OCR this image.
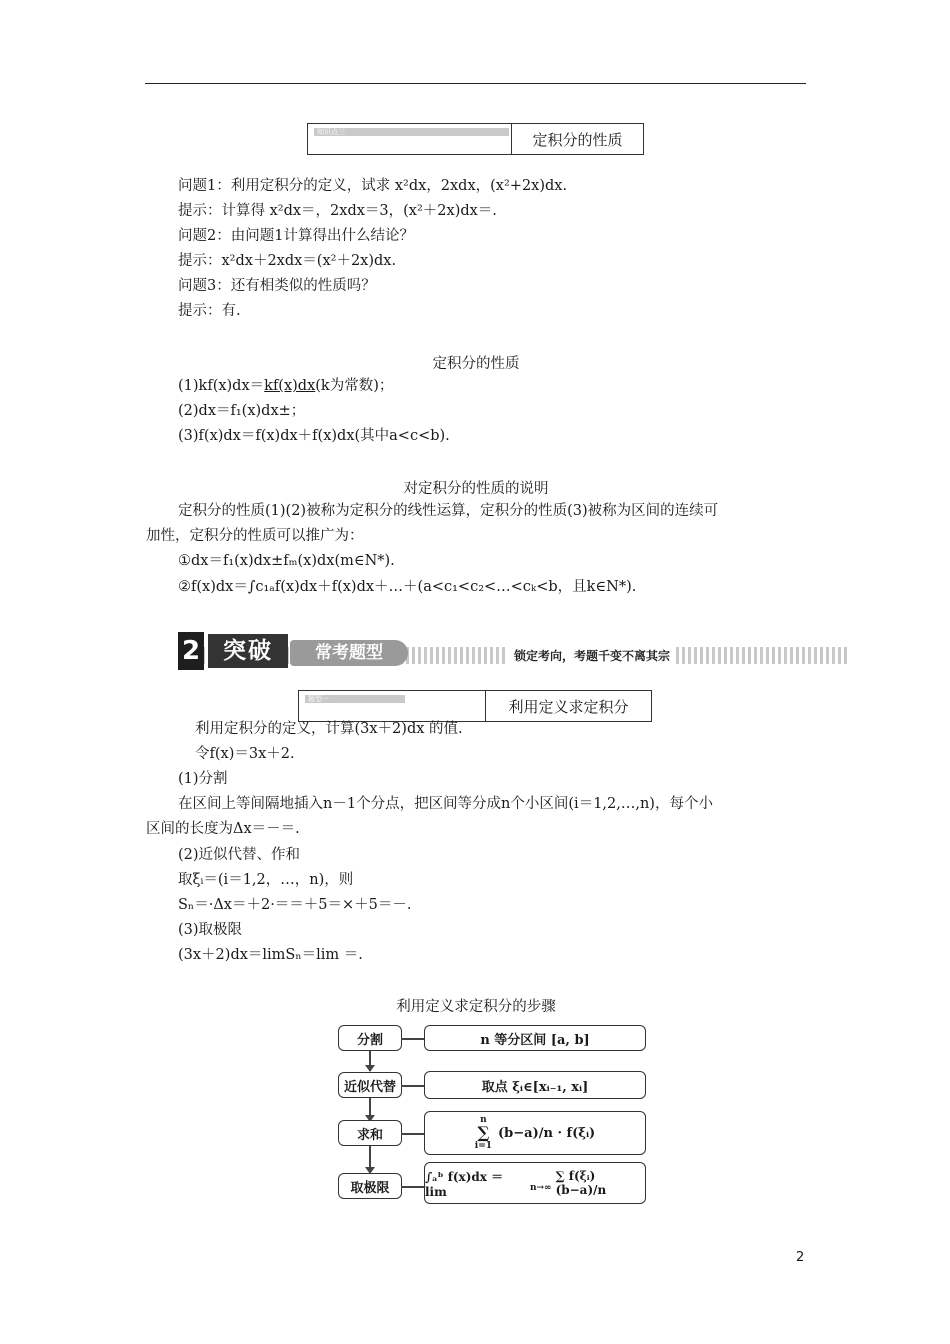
知识点三	定积分的性质
问题1：利用定积分的定义，试求 x²dx，2xdx，(x²+2x)dx.
提示：计算得 x²dx＝，2xdx＝3，(x²＋2x)dx＝.
问题2：由问题1计算得出什么结论？
提示：x²dx＋2xdx＝(x²＋2x)dx.
问题3：还有相类似的性质吗？
提示：有.
定积分的性质
(1)kf(x)dx＝kf(x)dx(k为常数)；
(2)dx＝f₁(x)dx±；
(3)f(x)dx＝f(x)dx＋f(x)dx(其中a<c<b).
对定积分的性质的说明
定积分的性质(1)(2)被称为定积分的线性运算，定积分的性质(3)被称为区间的连续可
加性，定积分的性质可以推广为：
①dx＝f₁(x)dx±fₘ(x)dx(m∈N*).
②f(x)dx＝∫c₁ₐf(x)dx＋f(x)dx＋…＋(a<c₁<c₂<…<cₖ<b，且k∈N*).
2 突破	常考题型	锁定考向，考题千变不离其宗
题型一	利用定义求定积分
利用定积分的定义，计算(3x＋2)dx 的值.
令f(x)＝3x＋2.
(1)分割
在区间上等间隔地插入n－1个分点，把区间等分成n个小区间(i＝1,2,…,n)，每个小
区间的长度为Δx＝－＝.
(2)近似代替、作和
取ξᵢ＝(i＝1,2，…，n)，则
Sₙ＝·Δx＝＋2·＝＝＋5＝×＋5＝－.
(3)取极限
(3x＋2)dx＝limSₙ＝lim ＝.
利用定义求定积分的步骤
分割	n 等分区间 [a, b]
近似代替	取点 ξᵢ∈[xᵢ₋₁, xᵢ]
求和
n
∑
i=1
(b−a)/n · f(ξᵢ)
取极限
∫ₐᵇ f(x)dx ＝ lim	n→∞
∑ f(ξᵢ)(b−a)/n
2
